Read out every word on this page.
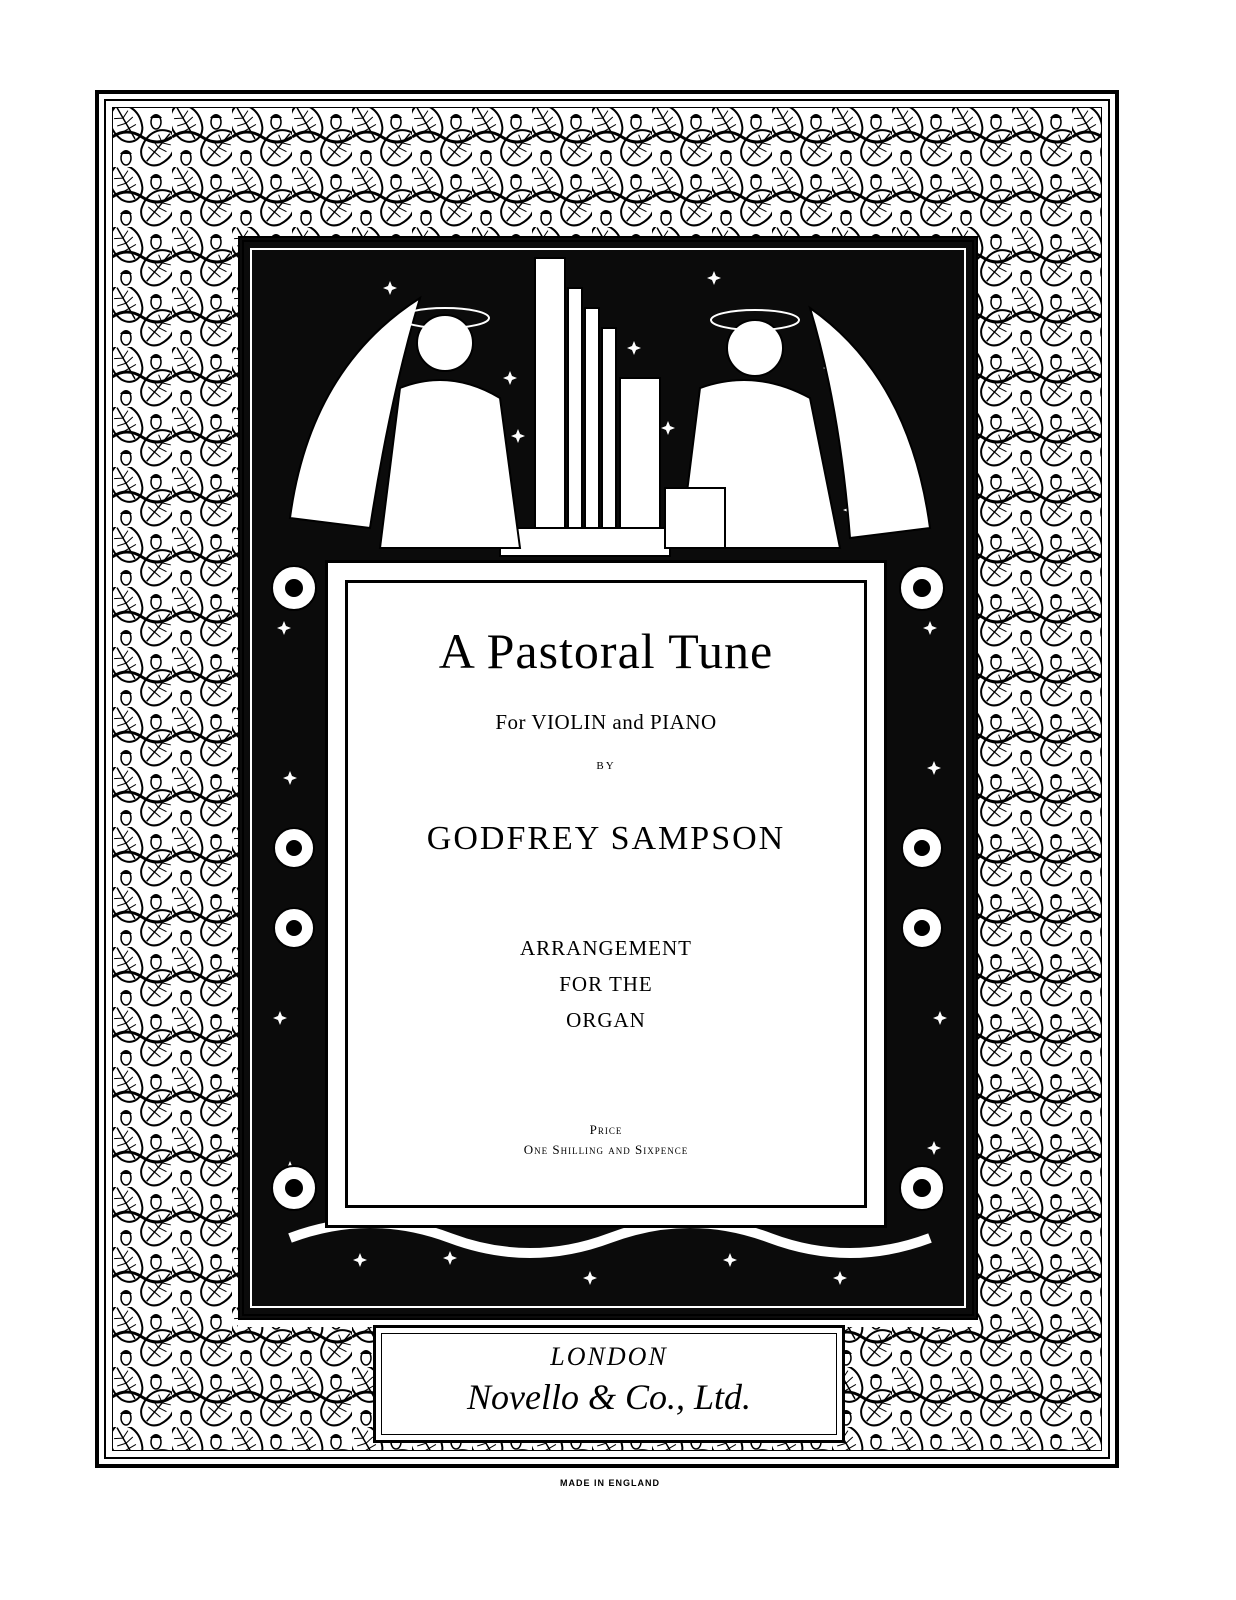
A Pastoral Tune
For VIOLIN and PIANO
BY
GODFREY SAMPSON
ARRANGEMENT
FOR THE
ORGAN
Price
One Shilling and Sixpence
LONDON
Novello & Co., Ltd.
MADE IN ENGLAND
